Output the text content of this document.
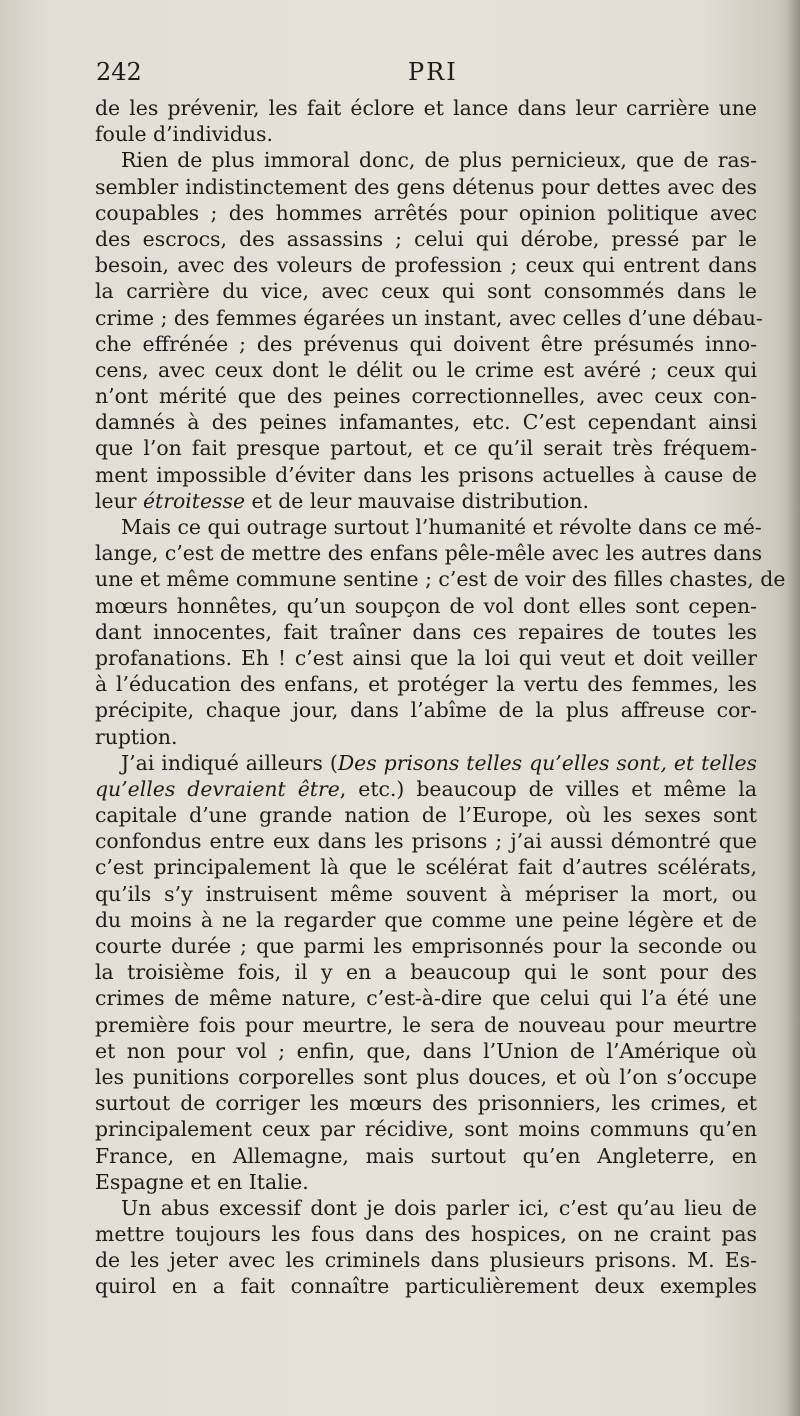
242	PRI
de les prévenir, les fait éclore et lance dans leur carrière une
foule d’individus.
Rien de plus immoral donc, de plus pernicieux, que de ras-
sembler indistinctement des gens détenus pour dettes avec des
coupables ; des hommes arrêtés pour opinion politique avec
des escrocs, des assassins ; celui qui dérobe, pressé par le
besoin, avec des voleurs de profession ; ceux qui entrent dans
la carrière du vice, avec ceux qui sont consommés dans le
crime ; des femmes égarées un instant, avec celles d’une débau-
che effrénée ; des prévenus qui doivent être présumés inno-
cens, avec ceux dont le délit ou le crime est avéré ; ceux qui
n’ont mérité que des peines correctionnelles, avec ceux con-
damnés à des peines infamantes, etc. C’est cependant ainsi
que l’on fait presque partout, et ce qu’il serait très fréquem-
ment impossible d’éviter dans les prisons actuelles à cause de
leur étroitesse et de leur mauvaise distribution.
Mais ce qui outrage surtout l’humanité et révolte dans ce mé-
lange, c’est de mettre des enfans pêle-mêle avec les autres dans
une et même commune sentine ; c’est de voir des filles chastes, de
mœurs honnêtes, qu’un soupçon de vol dont elles sont cepen-
dant innocentes, fait traîner dans ces repaires de toutes les
profanations. Eh ! c’est ainsi que la loi qui veut et doit veiller
à l’éducation des enfans, et protéger la vertu des femmes, les
précipite, chaque jour, dans l’abîme de la plus affreuse cor-
ruption.
J’ai indiqué ailleurs (Des prisons telles qu’elles sont, et telles
qu’elles devraient être, etc.) beaucoup de villes et même la
capitale d’une grande nation de l’Europe, où les sexes sont
confondus entre eux dans les prisons ; j’ai aussi démontré que
c’est principalement là que le scélérat fait d’autres scélérats,
qu’ils s’y instruisent même souvent à mépriser la mort, ou
du moins à ne la regarder que comme une peine légère et de
courte durée ; que parmi les emprisonnés pour la seconde ou
la troisième fois, il y en a beaucoup qui le sont pour des
crimes de même nature, c’est-à-dire que celui qui l’a été une
première fois pour meurtre, le sera de nouveau pour meurtre
et non pour vol ; enfin, que, dans l’Union de l’Amérique où
les punitions corporelles sont plus douces, et où l’on s’occupe
surtout de corriger les mœurs des prisonniers, les crimes, et
principalement ceux par récidive, sont moins communs qu’en
France, en Allemagne, mais surtout qu’en Angleterre, en
Espagne et en Italie.
Un abus excessif dont je dois parler ici, c’est qu’au lieu de
mettre toujours les fous dans des hospices, on ne craint pas
de les jeter avec les criminels dans plusieurs prisons. M. Es-
quirol en a fait connaître particulièrement deux exemples
